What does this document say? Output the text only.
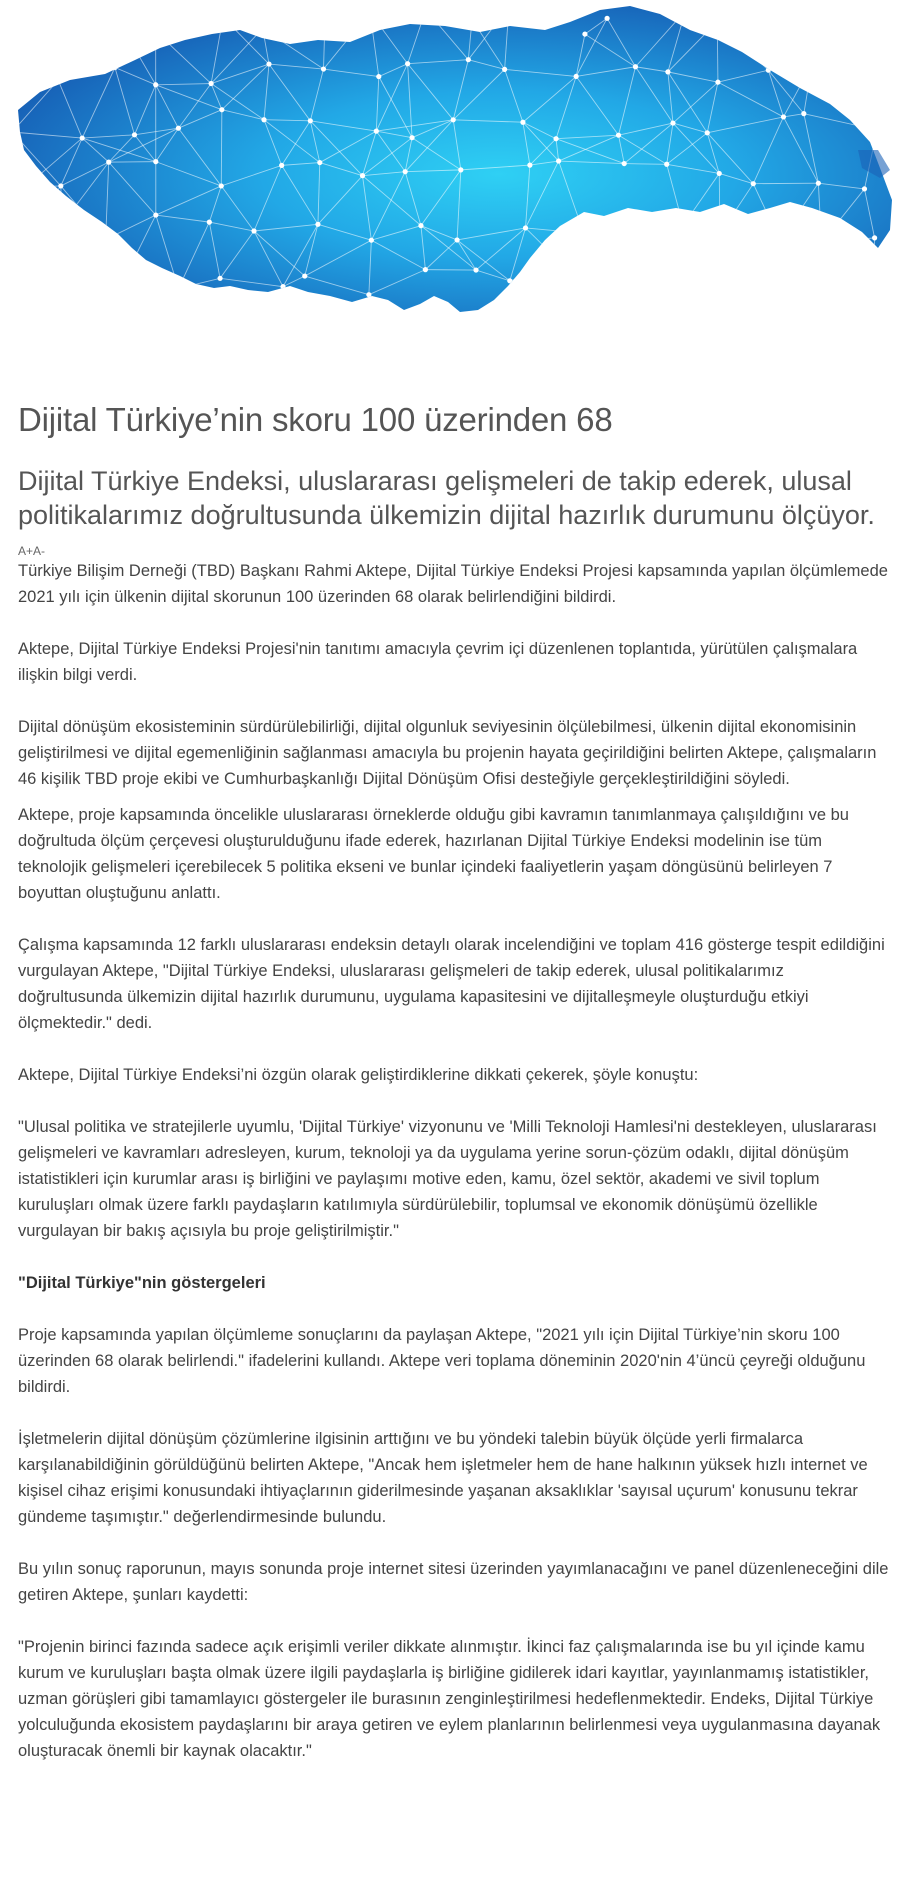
Dijital Türkiye’nin skoru 100 üzerinden 68
Dijital Türkiye Endeksi, uluslararası gelişmeleri de takip ederek, ulusal politikalarımız doğrultusunda ülkemizin dijital hazırlık durumunu ölçüyor.
A+A-

Türkiye Bilişim Derneği (TBD) Başkanı Rahmi Aktepe, Dijital Türkiye Endeksi Projesi kapsamında yapılan ölçümlemede 2021 yılı için ülkenin dijital skorunun 100 üzerinden 68 olarak belirlendiğini bildirdi.

Aktepe, Dijital Türkiye Endeksi Projesi'nin tanıtımı amacıyla çevrim içi düzenlenen toplantıda, yürütülen çalışmalara ilişkin bilgi verdi.

Dijital dönüşüm ekosisteminin sürdürülebilirliği, dijital olgunluk seviyesinin ölçülebilmesi, ülkenin dijital ekonomisinin geliştirilmesi ve dijital egemenliğinin sağlanması amacıyla bu projenin hayata geçirildiğini belirten Aktepe, çalışmaların 46 kişilik TBD proje ekibi ve Cumhurbaşkanlığı Dijital Dönüşüm Ofisi desteğiyle gerçekleştirildiğini söyledi.

Aktepe, proje kapsamında öncelikle uluslararası örneklerde olduğu gibi kavramın tanımlanmaya çalışıldığını ve bu doğrultuda ölçüm çerçevesi oluşturulduğunu ifade ederek, hazırlanan Dijital Türkiye Endeksi modelinin ise tüm teknolojik gelişmeleri içerebilecek 5 politika ekseni ve bunlar içindeki faaliyetlerin yaşam döngüsünü belirleyen 7 boyuttan oluştuğunu anlattı.

Çalışma kapsamında 12 farklı uluslararası endeksin detaylı olarak incelendiğini ve toplam 416 gösterge tespit edildiğini vurgulayan Aktepe, "Dijital Türkiye Endeksi, uluslararası gelişmeleri de takip ederek, ulusal politikalarımız doğrultusunda ülkemizin dijital hazırlık durumunu, uygulama kapasitesini ve dijitalleşmeyle oluşturduğu etkiyi ölçmektedir." dedi.

Aktepe, Dijital Türkiye Endeksi’ni özgün olarak geliştirdiklerine dikkati çekerek, şöyle konuştu:

"Ulusal politika ve stratejilerle uyumlu, 'Dijital Türkiye' vizyonunu ve 'Milli Teknoloji Hamlesi'ni destekleyen, uluslararası gelişmeleri ve kavramları adresleyen, kurum, teknoloji ya da uygulama yerine sorun-çözüm odaklı, dijital dönüşüm istatistikleri için kurumlar arası iş birliğini ve paylaşımı motive eden, kamu, özel sektör, akademi ve sivil toplum kuruluşları olmak üzere farklı paydaşların katılımıyla sürdürülebilir, toplumsal ve ekonomik dönüşümü özellikle vurgulayan bir bakış açısıyla bu proje geliştirilmiştir."

"Dijital Türkiye"nin göstergeleri

Proje kapsamında yapılan ölçümleme sonuçlarını da paylaşan Aktepe, "2021 yılı için Dijital Türkiye’nin skoru 100 üzerinden 68 olarak belirlendi." ifadelerini kullandı. Aktepe veri toplama döneminin 2020'nin 4’üncü çeyreği olduğunu bildirdi.

İşletmelerin dijital dönüşüm çözümlerine ilgisinin arttığını ve bu yöndeki talebin büyük ölçüde yerli firmalarca karşılanabildiğinin görüldüğünü belirten Aktepe, "Ancak hem işletmeler hem de hane halkının yüksek hızlı internet ve kişisel cihaz erişimi konusundaki ihtiyaçlarının giderilmesinde yaşanan aksaklıklar 'sayısal uçurum' konusunu tekrar gündeme taşımıştır." değerlendirmesinde bulundu.

Bu yılın sonuç raporunun, mayıs sonunda proje internet sitesi üzerinden yayımlanacağını ve panel düzenleneceğini dile getiren Aktepe, şunları kaydetti:

"Projenin birinci fazında sadece açık erişimli veriler dikkate alınmıştır. İkinci faz çalışmalarında ise bu yıl içinde kamu kurum ve kuruluşları başta olmak üzere ilgili paydaşlarla iş birliğine gidilerek idari kayıtlar, yayınlanmamış istatistikler, uzman görüşleri gibi tamamlayıcı göstergeler ile burasının zenginleştirilmesi hedeflenmektedir. Endeks, Dijital Türkiye yolculuğunda ekosistem paydaşlarını bir araya getiren ve eylem planlarının belirlenmesi veya uygulanmasına dayanak oluşturacak önemli bir kaynak olacaktır."
